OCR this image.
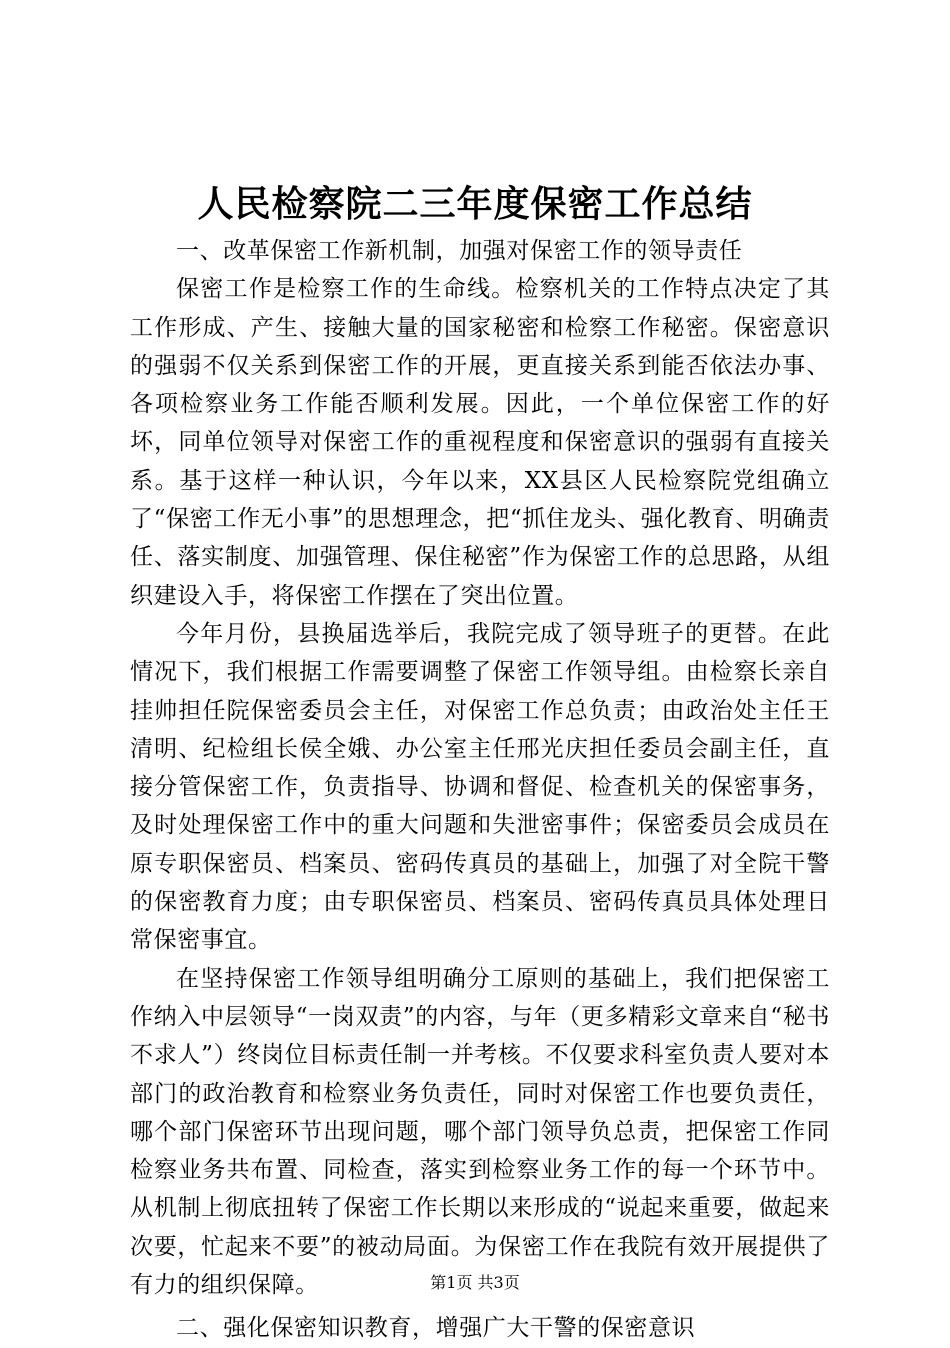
人民检察院二三年度保密工作总结

一、改革保密工作新机制，加强对保密工作的领导责任

保密工作是检察工作的生命线。检察机关的工作特点决定了其工作形成、产生、接触大量的国家秘密和检察工作秘密。保密意识的强弱不仅关系到保密工作的开展，更直接关系到能否依法办事、各项检察业务工作能否顺利发展。因此，一个单位保密工作的好坏，同单位领导对保密工作的重视程度和保密意识的强弱有直接关系。基于这样一种认识，今年以来，XX县区人民检察院党组确立了“保密工作无小事”的思想理念，把“抓住龙头、强化教育、明确责任、落实制度、加强管理、保住秘密”作为保密工作的总思路，从组织建设入手，将保密工作摆在了突出位置。

今年月份，县换届选举后，我院完成了领导班子的更替。在此情况下，我们根据工作需要调整了保密工作领导组。由检察长亲自挂帅担任院保密委员会主任，对保密工作总负责；由政治处主任王清明、纪检组长侯全娥、办公室主任邢光庆担任委员会副主任，直接分管保密工作，负责指导、协调和督促、检查机关的保密事务，及时处理保密工作中的重大问题和失泄密事件；保密委员会成员在原专职保密员、档案员、密码传真员的基础上，加强了对全院干警的保密教育力度；由专职保密员、档案员、密码传真员具体处理日常保密事宜。

在坚持保密工作领导组明确分工原则的基础上，我们把保密工作纳入中层领导“一岗双责”的内容，与年（更多精彩文章来自“秘书不求人”）终岗位目标责任制一并考核。不仅要求科室负责人要对本部门的政治教育和检察业务负责任，同时对保密工作也要负责任，哪个部门保密环节出现问题，哪个部门领导负总责，把保密工作同检察业务共布置、同检查，落实到检察业务工作的每一个环节中。从机制上彻底扭转了保密工作长期以来形成的“说起来重要，做起来次要，忙起来不要”的被动局面。为保密工作在我院有效开展提供了有力的组织保障。

二、强化保密知识教育，增强广大干警的保密意识

第1页 共3页
